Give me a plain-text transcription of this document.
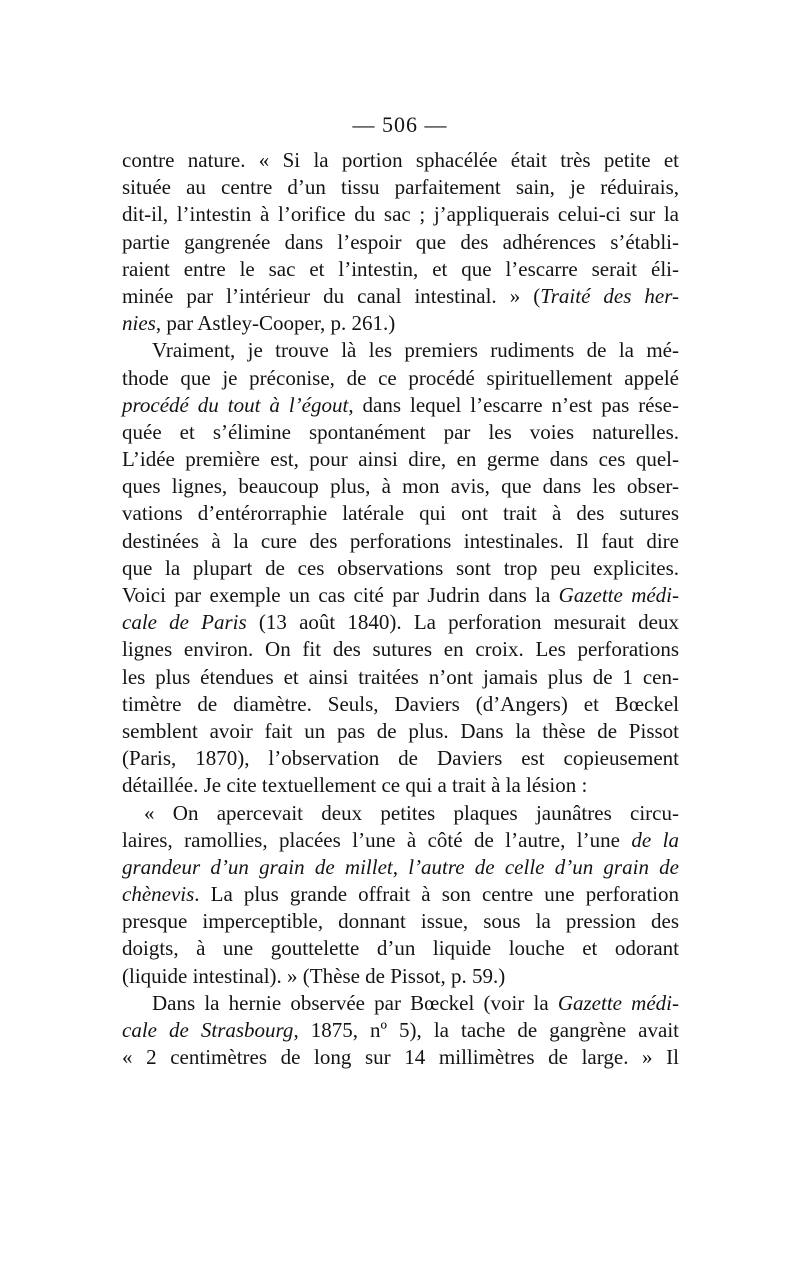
— 506 —
contre nature. « Si la portion sphacélée était très petite et
située au centre d’un tissu parfaitement sain, je réduirais,
dit-il, l’intestin à l’orifice du sac ; j’appliquerais celui-ci sur la
partie gangrenée dans l’espoir que des adhérences s’établi-
raient entre le sac et l’intestin, et que l’escarre serait éli-
minée par l’intérieur du canal intestinal. » (Traité des her-
nies, par Astley-Cooper, p. 261.)
Vraiment, je trouve là les premiers rudiments de la mé-
thode que je préconise, de ce procédé spirituellement appelé
procédé du tout à l’égout, dans lequel l’escarre n’est pas rése-
quée et s’élimine spontanément par les voies naturelles.
L’idée première est, pour ainsi dire, en germe dans ces quel-
ques lignes, beaucoup plus, à mon avis, que dans les obser-
vations d’entérorraphie latérale qui ont trait à des sutures
destinées à la cure des perforations intestinales. Il faut dire
que la plupart de ces observations sont trop peu explicites.
Voici par exemple un cas cité par Judrin dans la Gazette médi-
cale de Paris (13 août 1840). La perforation mesurait deux
lignes environ. On fit des sutures en croix. Les perforations
les plus étendues et ainsi traitées n’ont jamais plus de 1 cen-
timètre de diamètre. Seuls, Daviers (d’Angers) et Bœckel
semblent avoir fait un pas de plus. Dans la thèse de Pissot
(Paris, 1870), l’observation de Daviers est copieusement
détaillée. Je cite textuellement ce qui a trait à la lésion :
« On apercevait deux petites plaques jaunâtres circu-
laires, ramollies, placées l’une à côté de l’autre, l’une de la
grandeur d’un grain de millet, l’autre de celle d’un grain de
chènevis. La plus grande offrait à son centre une perforation
presque imperceptible, donnant issue, sous la pression des
doigts, à une gouttelette d’un liquide louche et odorant
(liquide intestinal). » (Thèse de Pissot, p. 59.)
Dans la hernie observée par Bœckel (voir la Gazette médi-
cale de Strasbourg, 1875, nº 5), la tache de gangrène avait
« 2 centimètres de long sur 14 millimètres de large. » Il
